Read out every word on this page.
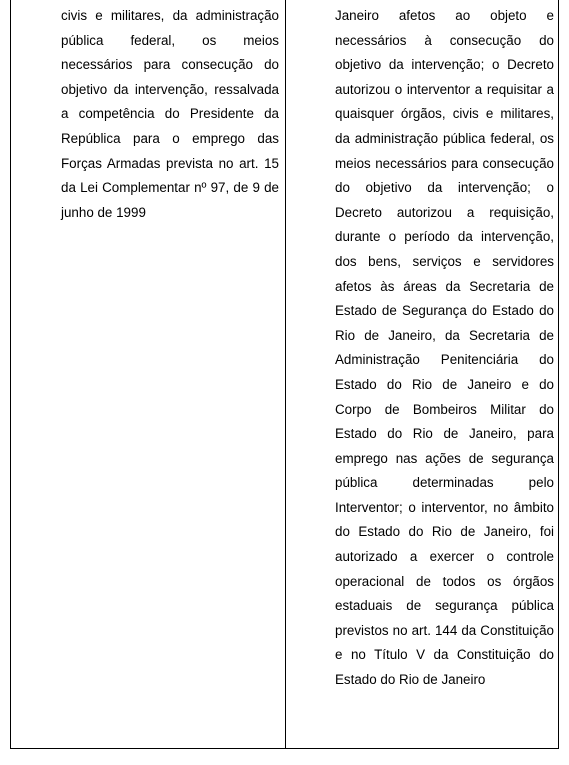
civis e militares, da administração pública federal, os meios necessários para consecução do objetivo da intervenção, ressalvada a competência do Presidente da República para o emprego das Forças Armadas prevista no art. 15 da Lei Complementar nº 97, de 9 de junho de 1999

Janeiro afetos ao objeto e necessários à consecução do objetivo da intervenção; o Decreto autorizou o interventor a requisitar a quaisquer órgãos, civis e militares, da administração pública federal, os meios necessários para consecução do objetivo da intervenção; o Decreto autorizou a requisição, durante o período da intervenção, dos bens, serviços e servidores afetos às áreas da Secretaria de Estado de Segurança do Estado do Rio de Janeiro, da Secretaria de Administração Penitenciária do Estado do Rio de Janeiro e do Corpo de Bombeiros Militar do Estado do Rio de Janeiro, para emprego nas ações de segurança pública determinadas pelo Interventor; o interventor, no âmbito do Estado do Rio de Janeiro, foi autorizado a exercer o controle operacional de todos os órgãos estaduais de segurança pública previstos no art. 144 da Constituição e no Título V da Constituição do Estado do Rio de Janeiro
